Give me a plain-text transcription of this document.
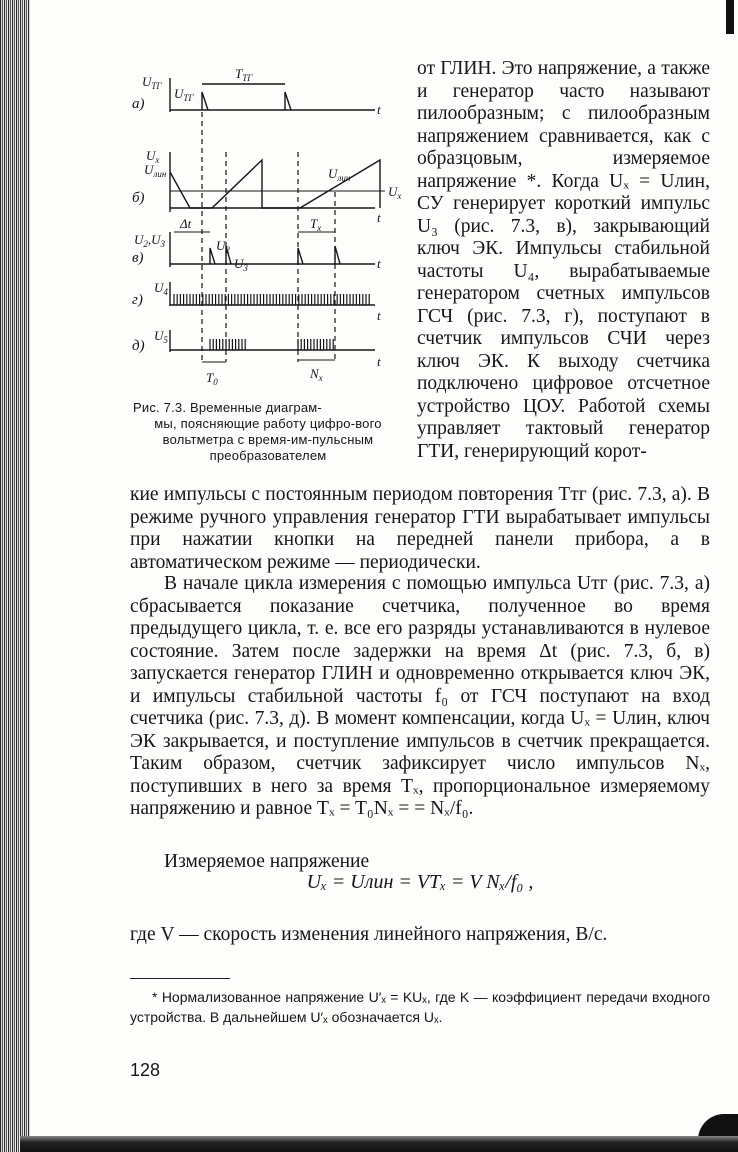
а)
б)
в)
г)
д)
$U_{ТГ}$
$U_x$
$U_{лин}$
$U_2,U_3$
$U_4$
$U_5$
$U_{ТГ}$
$T_{ТГ}$
$U_{лин}$
$U_x$
Δt	$T_x$
$U_2$
$U_3$
$T_0$
$N_x$
t
t
t
t
t
Рис. 7.3. Временные диаграм-
мы, поясняющие работу цифро-вого вольтметра с время-им-пульсным преобразователем

от ГЛИН. Это напряжение, а также и генератор часто называют пилообразным; с пилообразным напряжением сравнивается, как с образцовым, измеряемое напряжение *. Когда Uₓ = Uлин, СУ генерирует короткий импульс U₃ (рис. 7.3, в), закрывающий ключ ЭК. Импульсы стабильной частоты U₄, вырабатываемые генератором счетных импульсов ГСЧ (рис. 7.3, г), поступают в счетчик импульсов СЧИ через ключ ЭК. К выходу счетчика подключено цифровое отсчетное устройство ЦОУ. Работой схемы управляет тактовый генератор ГТИ, генерирующий корот-

кие импульсы с постоянным периодом повторения Tтг (рис. 7.3, а). В режиме ручного управления генератор ГТИ вырабатывает импульсы при нажатии кнопки на передней панели прибора, а в автоматическом режиме — периодически.

В начале цикла измерения с помощью импульса Uтг (рис. 7.3, а) сбрасывается показание счетчика, полученное во время предыдущего цикла, т. е. все его разряды устанавливаются в нулевое состояние. Затем после задержки на время Δt (рис. 7.3, б, в) запускается генератор ГЛИН и одновременно открывается ключ ЭК, и импульсы стабильной частоты f₀ от ГСЧ поступают на вход счетчика (рис. 7.3, д). В момент компенсации, когда Uₓ = Uлин, ключ ЭК закрывается, и поступление импульсов в счетчик прекращается. Таким образом, счетчик зафиксирует число импульсов Nₓ, поступивших в него за время Tₓ, пропорциональное измеряемому напряжению и равное Tₓ = T₀Nₓ = = Nₓ/f₀.

Измеряемое напряжение

Uₓ = Uлин = VTₓ = V Nₓ/f₀ ,

где V — скорость изменения линейного напряжения, В/с.

* Нормализованное напряжение U′ₓ = KUₓ, где K — коэффициент передачи входного устройства. В дальнейшем U′ₓ обозначается Uₓ.

128
